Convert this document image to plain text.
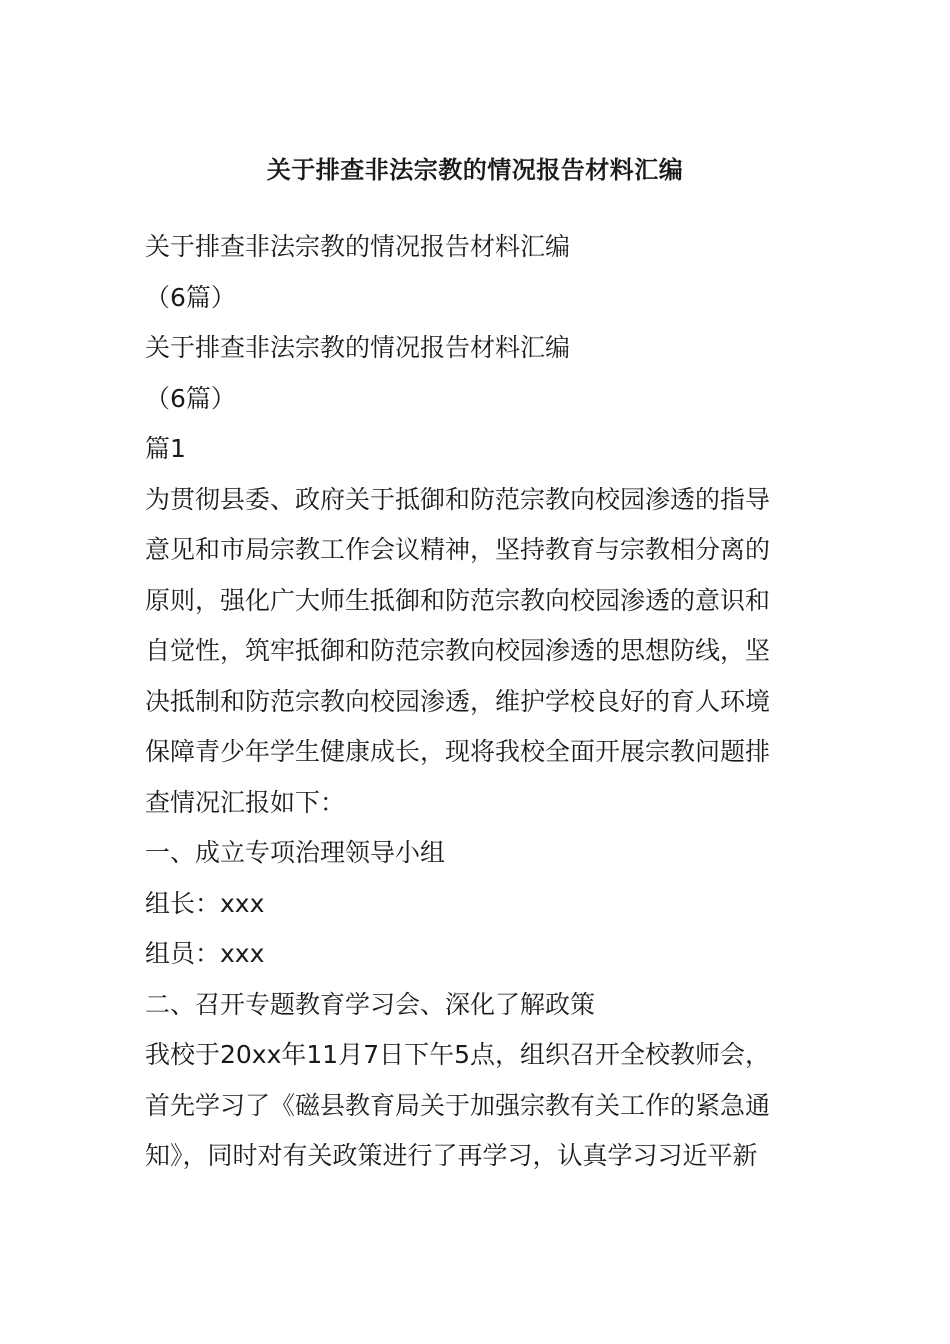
关于排查非法宗教的情况报告材料汇编
关于排查非法宗教的情况报告材料汇编
（6篇）
关于排查非法宗教的情况报告材料汇编
（6篇）
篇1
为贯彻县委、政府关于抵御和防范宗教向校园渗透的指导
意见和市局宗教工作会议精神，坚持教育与宗教相分离的
原则，强化广大师生抵御和防范宗教向校园渗透的意识和
自觉性，筑牢抵御和防范宗教向校园渗透的思想防线，坚
决抵制和防范宗教向校园渗透，维护学校良好的育人环境
保障青少年学生健康成长，现将我校全面开展宗教问题排
查情况汇报如下：
一、成立专项治理领导小组
组长：xxx
组员：xxx
二、召开专题教育学习会、深化了解政策
我校于20xx年11月7日下午5点，组织召开全校教师会，
首先学习了《磁县教育局关于加强宗教有关工作的紧急通
知》，同时对有关政策进行了再学习，认真学习习近平新
